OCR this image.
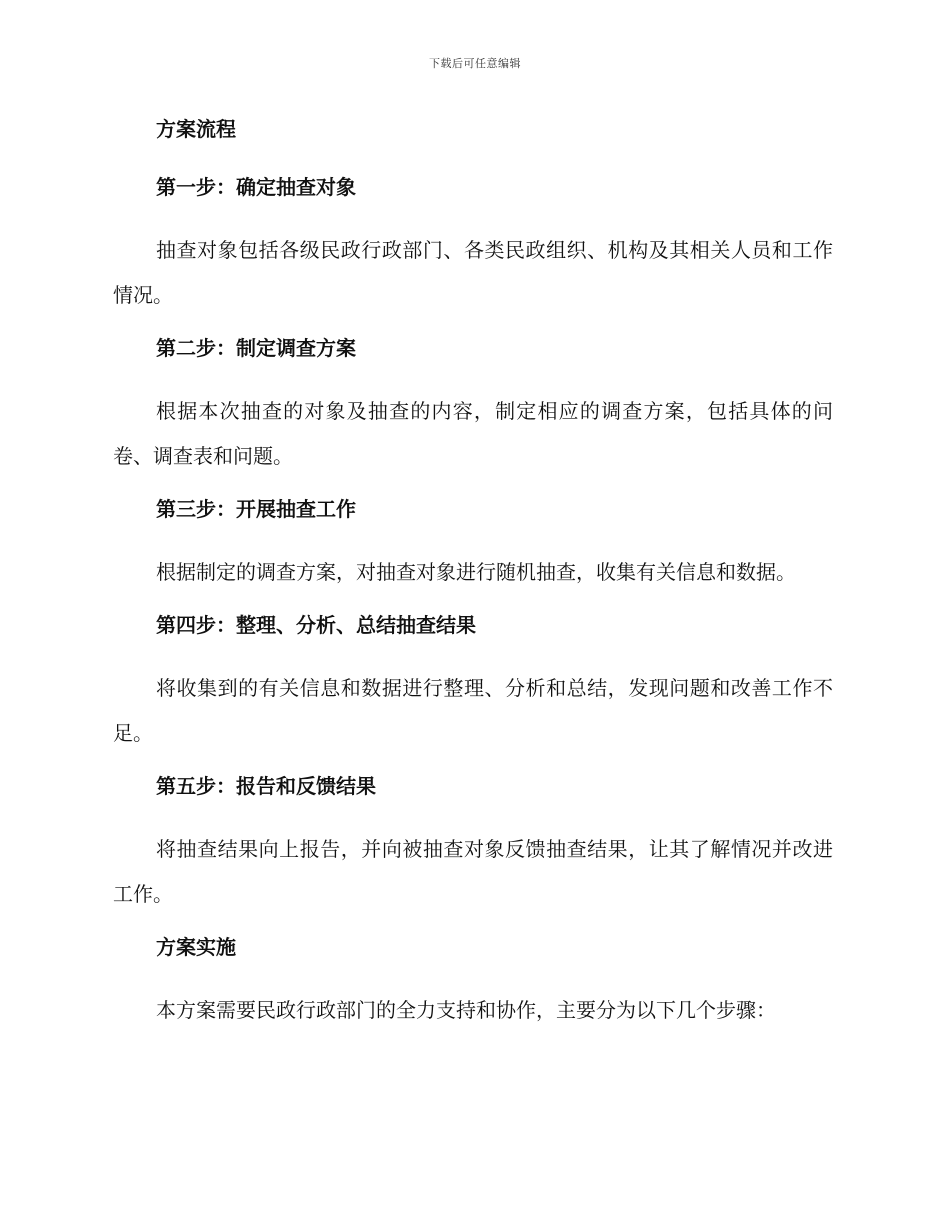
下载后可任意编辑
方案流程
第一步：确定抽查对象
抽查对象包括各级民政行政部门、各类民政组织、机构及其相关人员和工作情况。
第二步：制定调查方案
根据本次抽查的对象及抽查的内容，制定相应的调查方案，包括具体的问卷、调查表和问题。
第三步：开展抽查工作
根据制定的调查方案，对抽查对象进行随机抽查，收集有关信息和数据。
第四步：整理、分析、总结抽查结果
将收集到的有关信息和数据进行整理、分析和总结，发现问题和改善工作不足。
第五步：报告和反馈结果
将抽查结果向上报告，并向被抽查对象反馈抽查结果，让其了解情况并改进工作。
方案实施
本方案需要民政行政部门的全力支持和协作，主要分为以下几个步骤：
